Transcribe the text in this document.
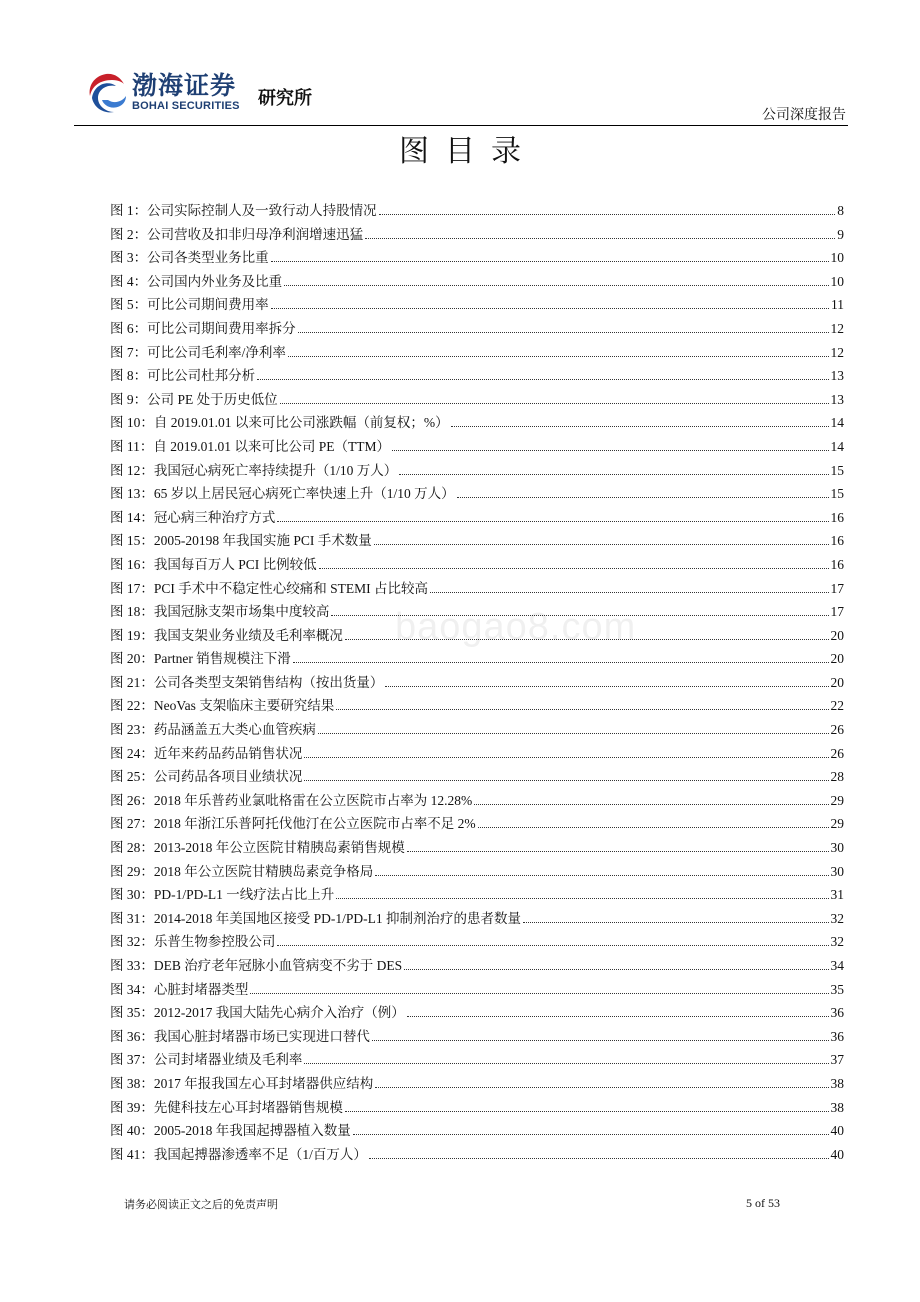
渤海证券
BOHAI SECURITIES 研究所
公司深度报告
图目录
图 1：公司实际控制人及一致行动人持股情况	8
图 2：公司营收及扣非归母净利润增速迅猛	9
图 3：公司各类型业务比重	10
图 4：公司国内外业务及比重	10
图 5：可比公司期间费用率	11
图 6：可比公司期间费用率拆分	12
图 7：可比公司毛利率/净利率	12
图 8：可比公司杜邦分析	13
图 9：公司 PE 处于历史低位	13
图 10：自 2019.01.01 以来可比公司涨跌幅（前复权；%）	14
图 11：自 2019.01.01 以来可比公司 PE（TTM）	14
图 12：我国冠心病死亡率持续提升（1/10 万人）	15
图 13：65 岁以上居民冠心病死亡率快速上升（1/10 万人）	15
图 14：冠心病三种治疗方式	16
图 15：2005-20198 年我国实施 PCI 手术数量	16
图 16：我国每百万人 PCI 比例较低	16
图 17：PCI 手术中不稳定性心绞痛和 STEMI 占比较高	17
图 18：我国冠脉支架市场集中度较高	17
图 19：我国支架业务业绩及毛利率概况	20
图 20：Partner 销售规模注下滑	20
图 21：公司各类型支架销售结构（按出货量）	20
图 22：NeoVas 支架临床主要研究结果	22
图 23：药品涵盖五大类心血管疾病	26
图 24：近年来药品药品销售状况	26
图 25：公司药品各项目业绩状况	28
图 26：2018 年乐普药业氯吡格雷在公立医院市占率为 12.28%	29
图 27：2018 年浙江乐普阿托伐他汀在公立医院市占率不足 2%	29
图 28：2013-2018 年公立医院甘精胰岛素销售规模	30
图 29：2018 年公立医院甘精胰岛素竞争格局	30
图 30：PD-1/PD-L1 一线疗法占比上升	31
图 31：2014-2018 年美国地区接受 PD-1/PD-L1 抑制剂治疗的患者数量	32
图 32：乐普生物参控股公司	32
图 33：DEB 治疗老年冠脉小血管病变不劣于 DES	34
图 34：心脏封堵器类型	35
图 35：2012-2017 我国大陆先心病介入治疗（例）	36
图 36：我国心脏封堵器市场已实现进口替代	36
图 37：公司封堵器业绩及毛利率	37
图 38：2017 年报我国左心耳封堵器供应结构	38
图 39：先健科技左心耳封堵器销售规模	38
图 40：2005-2018 年我国起搏器植入数量	40
图 41：我国起搏器渗透率不足（1/百万人）	40
baogao8.com
请务必阅读正文之后的免责声明	5 of 53
